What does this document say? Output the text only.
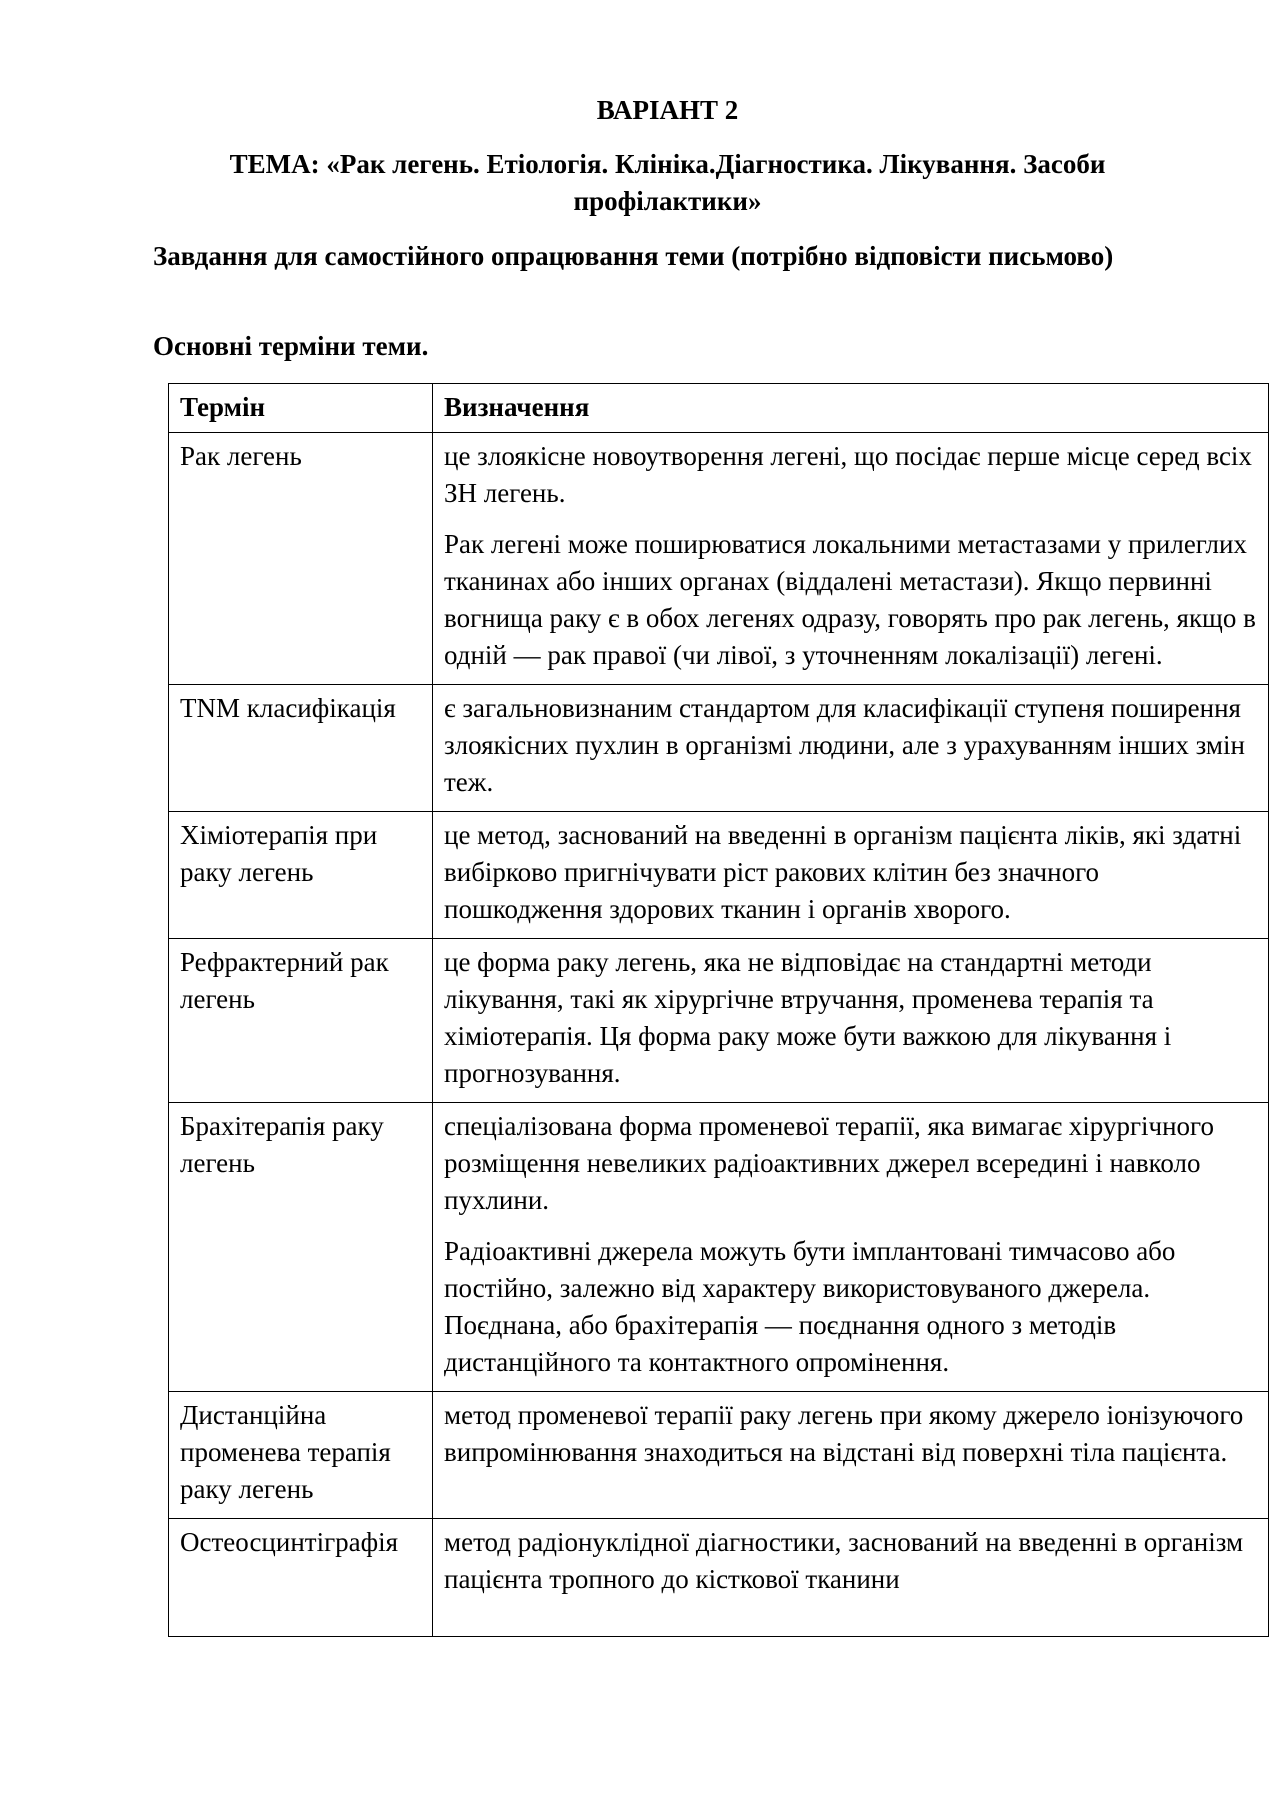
ВАРІАНТ 2
ТЕМА: «Рак легень. Етіологія. Клініка.Діагностика. Лікування. Засоби профілактики»
Завдання для самостійного опрацювання теми (потрібно відповісти письмово)
Основні терміни теми.
Термін	Визначення
Рак легень	це злоякісне новоутворення легені, що посідає перше місце серед всіх ЗН легень.

Рак легені може поширюватися локальними метастазами у прилеглих тканинах або інших органах (віддалені метастази). Якщо первинні вогнища раку є в обох легенях одразу, говорять про рак легень, якщо в одній — рак правої (чи лівої, з уточненням локалізації) легені.

TNM класифікація	є загальновизнаним стандартом для класифікації ступеня поширення злоякісних пухлин в організмі людини, але з урахуванням інших змін теж.

Хіміотерапія при раку легень	це метод, заснований на введенні в організм пацієнта ліків, які здатні вибірково пригнічувати ріст ракових клітин без значного пошкодження здорових тканин і органів хворого.

Рефрактерний рак легень	це форма раку легень, яка не відповідає на стандартні методи лікування, такі як хірургічне втручання, променева терапія та хіміотерапія. Ця форма раку може бути важкою для лікування і прогнозування.

Брахітерапія раку легень	спеціалізована форма променевої терапії, яка вимагає хірургічного розміщення невеликих радіоактивних джерел всередині і навколо пухлини.

Радіоактивні джерела можуть бути імплантовані тимчасово або постійно, залежно від характеру використовуваного джерела. Поєднана, або брахітерапія — поєднання одного з методів дистанційного та контактного опромінення.

Дистанційна променева терапія раку легень	метод променевої терапії раку легень при якому джерело іонізуючого випромінювання знаходиться на відстані від поверхні тіла пацієнта.

Остеосцинтіграфія	метод радіонуклідної діагностики, заснований на введенні в організм пацієнта тропного до кісткової тканини
